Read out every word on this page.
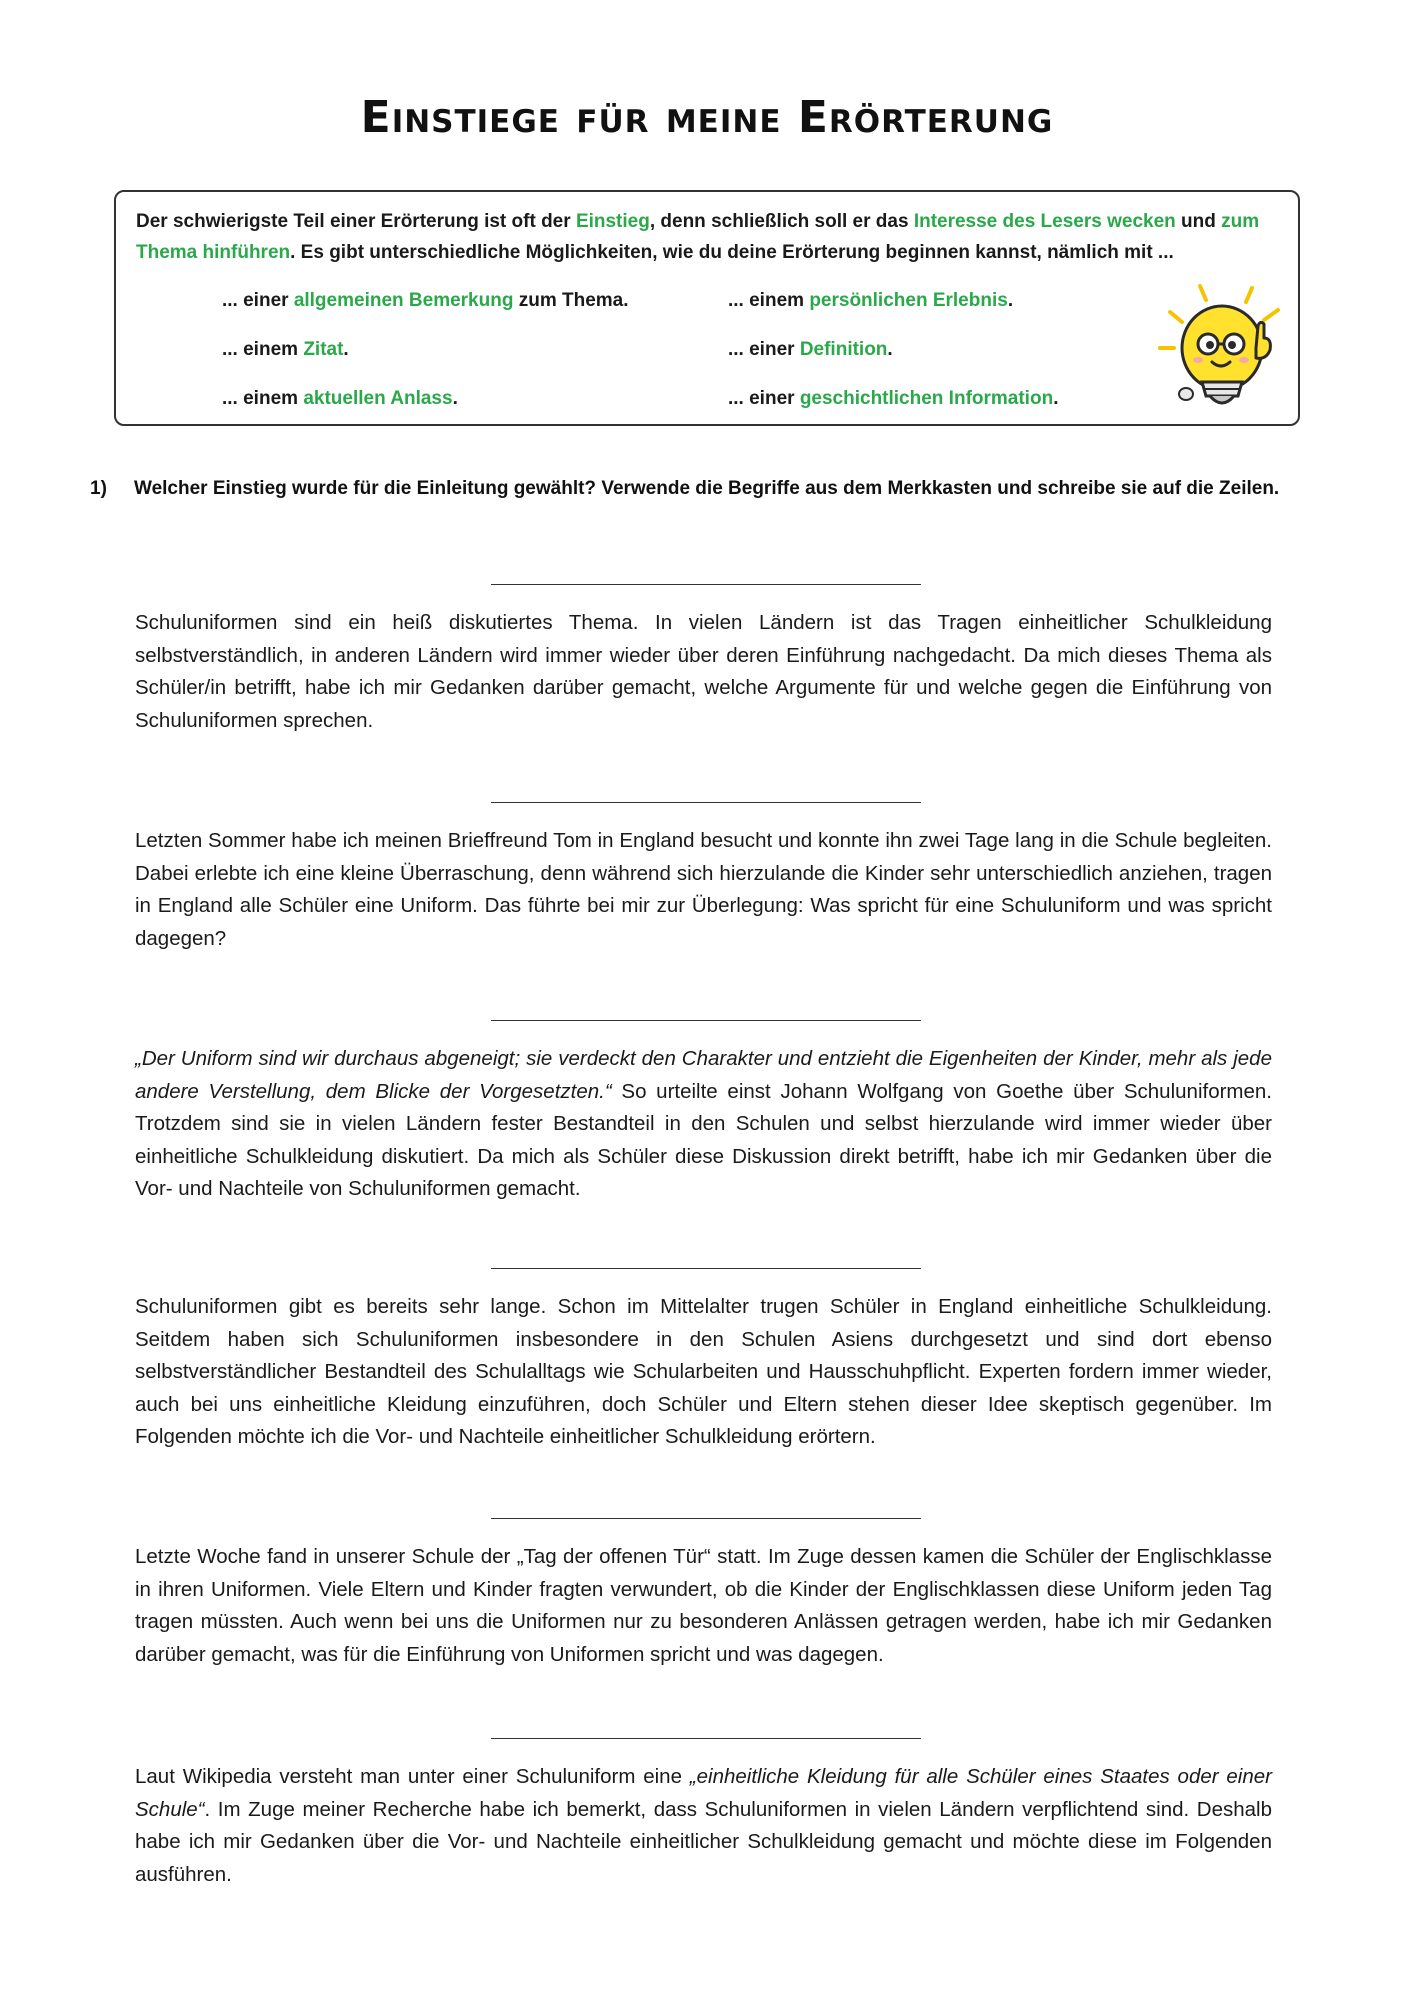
Einstiege für meine Erörterung
Der schwierigste Teil einer Erörterung ist oft der Einstieg, denn schließlich soll er das Interesse des Lesers wecken und zum Thema hinführen. Es gibt unterschiedliche Möglichkeiten, wie du deine Erörterung beginnen kannst, nämlich mit ...
... einer allgemeinen Bemerkung zum Thema.	... einem persönlichen Erlebnis.
... einem Zitat.	... einer Definition.
... einem aktuellen Anlass.	... einer geschichtlichen Information.
1) Welcher Einstieg wurde für die Einleitung gewählt? Verwende die Begriffe aus dem Merkkasten und schreibe sie auf die Zeilen.
Schuluniformen sind ein heiß diskutiertes Thema. In vielen Ländern ist das Tragen einheitlicher Schulkleidung selbstverständlich, in anderen Ländern wird immer wieder über deren Einführung nachgedacht. Da mich dieses Thema als Schüler/in betrifft, habe ich mir Gedanken darüber gemacht, welche Argumente für und welche gegen die Einführung von Schuluniformen sprechen.
Letzten Sommer habe ich meinen Brieffreund Tom in England besucht und konnte ihn zwei Tage lang in die Schule begleiten. Dabei erlebte ich eine kleine Überraschung, denn während sich hierzulande die Kinder sehr unterschiedlich anziehen, tragen in England alle Schüler eine Uniform. Das führte bei mir zur Überlegung: Was spricht für eine Schuluniform und was spricht dagegen?
„Der Uniform sind wir durchaus abgeneigt; sie verdeckt den Charakter und entzieht die Eigenheiten der Kinder, mehr als jede andere Verstellung, dem Blicke der Vorgesetzten.“ So urteilte einst Johann Wolfgang von Goethe über Schuluniformen. Trotzdem sind sie in vielen Ländern fester Bestandteil in den Schulen und selbst hierzulande wird immer wieder über einheitliche Schulkleidung diskutiert. Da mich als Schüler diese Diskussion direkt betrifft, habe ich mir Gedanken über die Vor- und Nachteile von Schuluniformen gemacht.
Schuluniformen gibt es bereits sehr lange. Schon im Mittelalter trugen Schüler in England einheitliche Schulkleidung. Seitdem haben sich Schuluniformen insbesondere in den Schulen Asiens durchgesetzt und sind dort ebenso selbstverständlicher Bestandteil des Schulalltags wie Schularbeiten und Hausschuhpflicht. Experten fordern immer wieder, auch bei uns einheitliche Kleidung einzuführen, doch Schüler und Eltern stehen dieser Idee skeptisch gegenüber. Im Folgenden möchte ich die Vor- und Nachteile einheitlicher Schulkleidung erörtern.
Letzte Woche fand in unserer Schule der „Tag der offenen Tür“ statt. Im Zuge dessen kamen die Schüler der Englischklasse in ihren Uniformen. Viele Eltern und Kinder fragten verwundert, ob die Kinder der Englischklassen diese Uniform jeden Tag tragen müssten. Auch wenn bei uns die Uniformen nur zu besonderen Anlässen getragen werden, habe ich mir Gedanken darüber gemacht, was für die Einführung von Uniformen spricht und was dagegen.
Laut Wikipedia versteht man unter einer Schuluniform eine „einheitliche Kleidung für alle Schüler eines Staates oder einer Schule“. Im Zuge meiner Recherche habe ich bemerkt, dass Schuluniformen in vielen Ländern verpflichtend sind. Deshalb habe ich mir Gedanken über die Vor- und Nachteile einheitlicher Schulkleidung gemacht und möchte diese im Folgenden ausführen.
